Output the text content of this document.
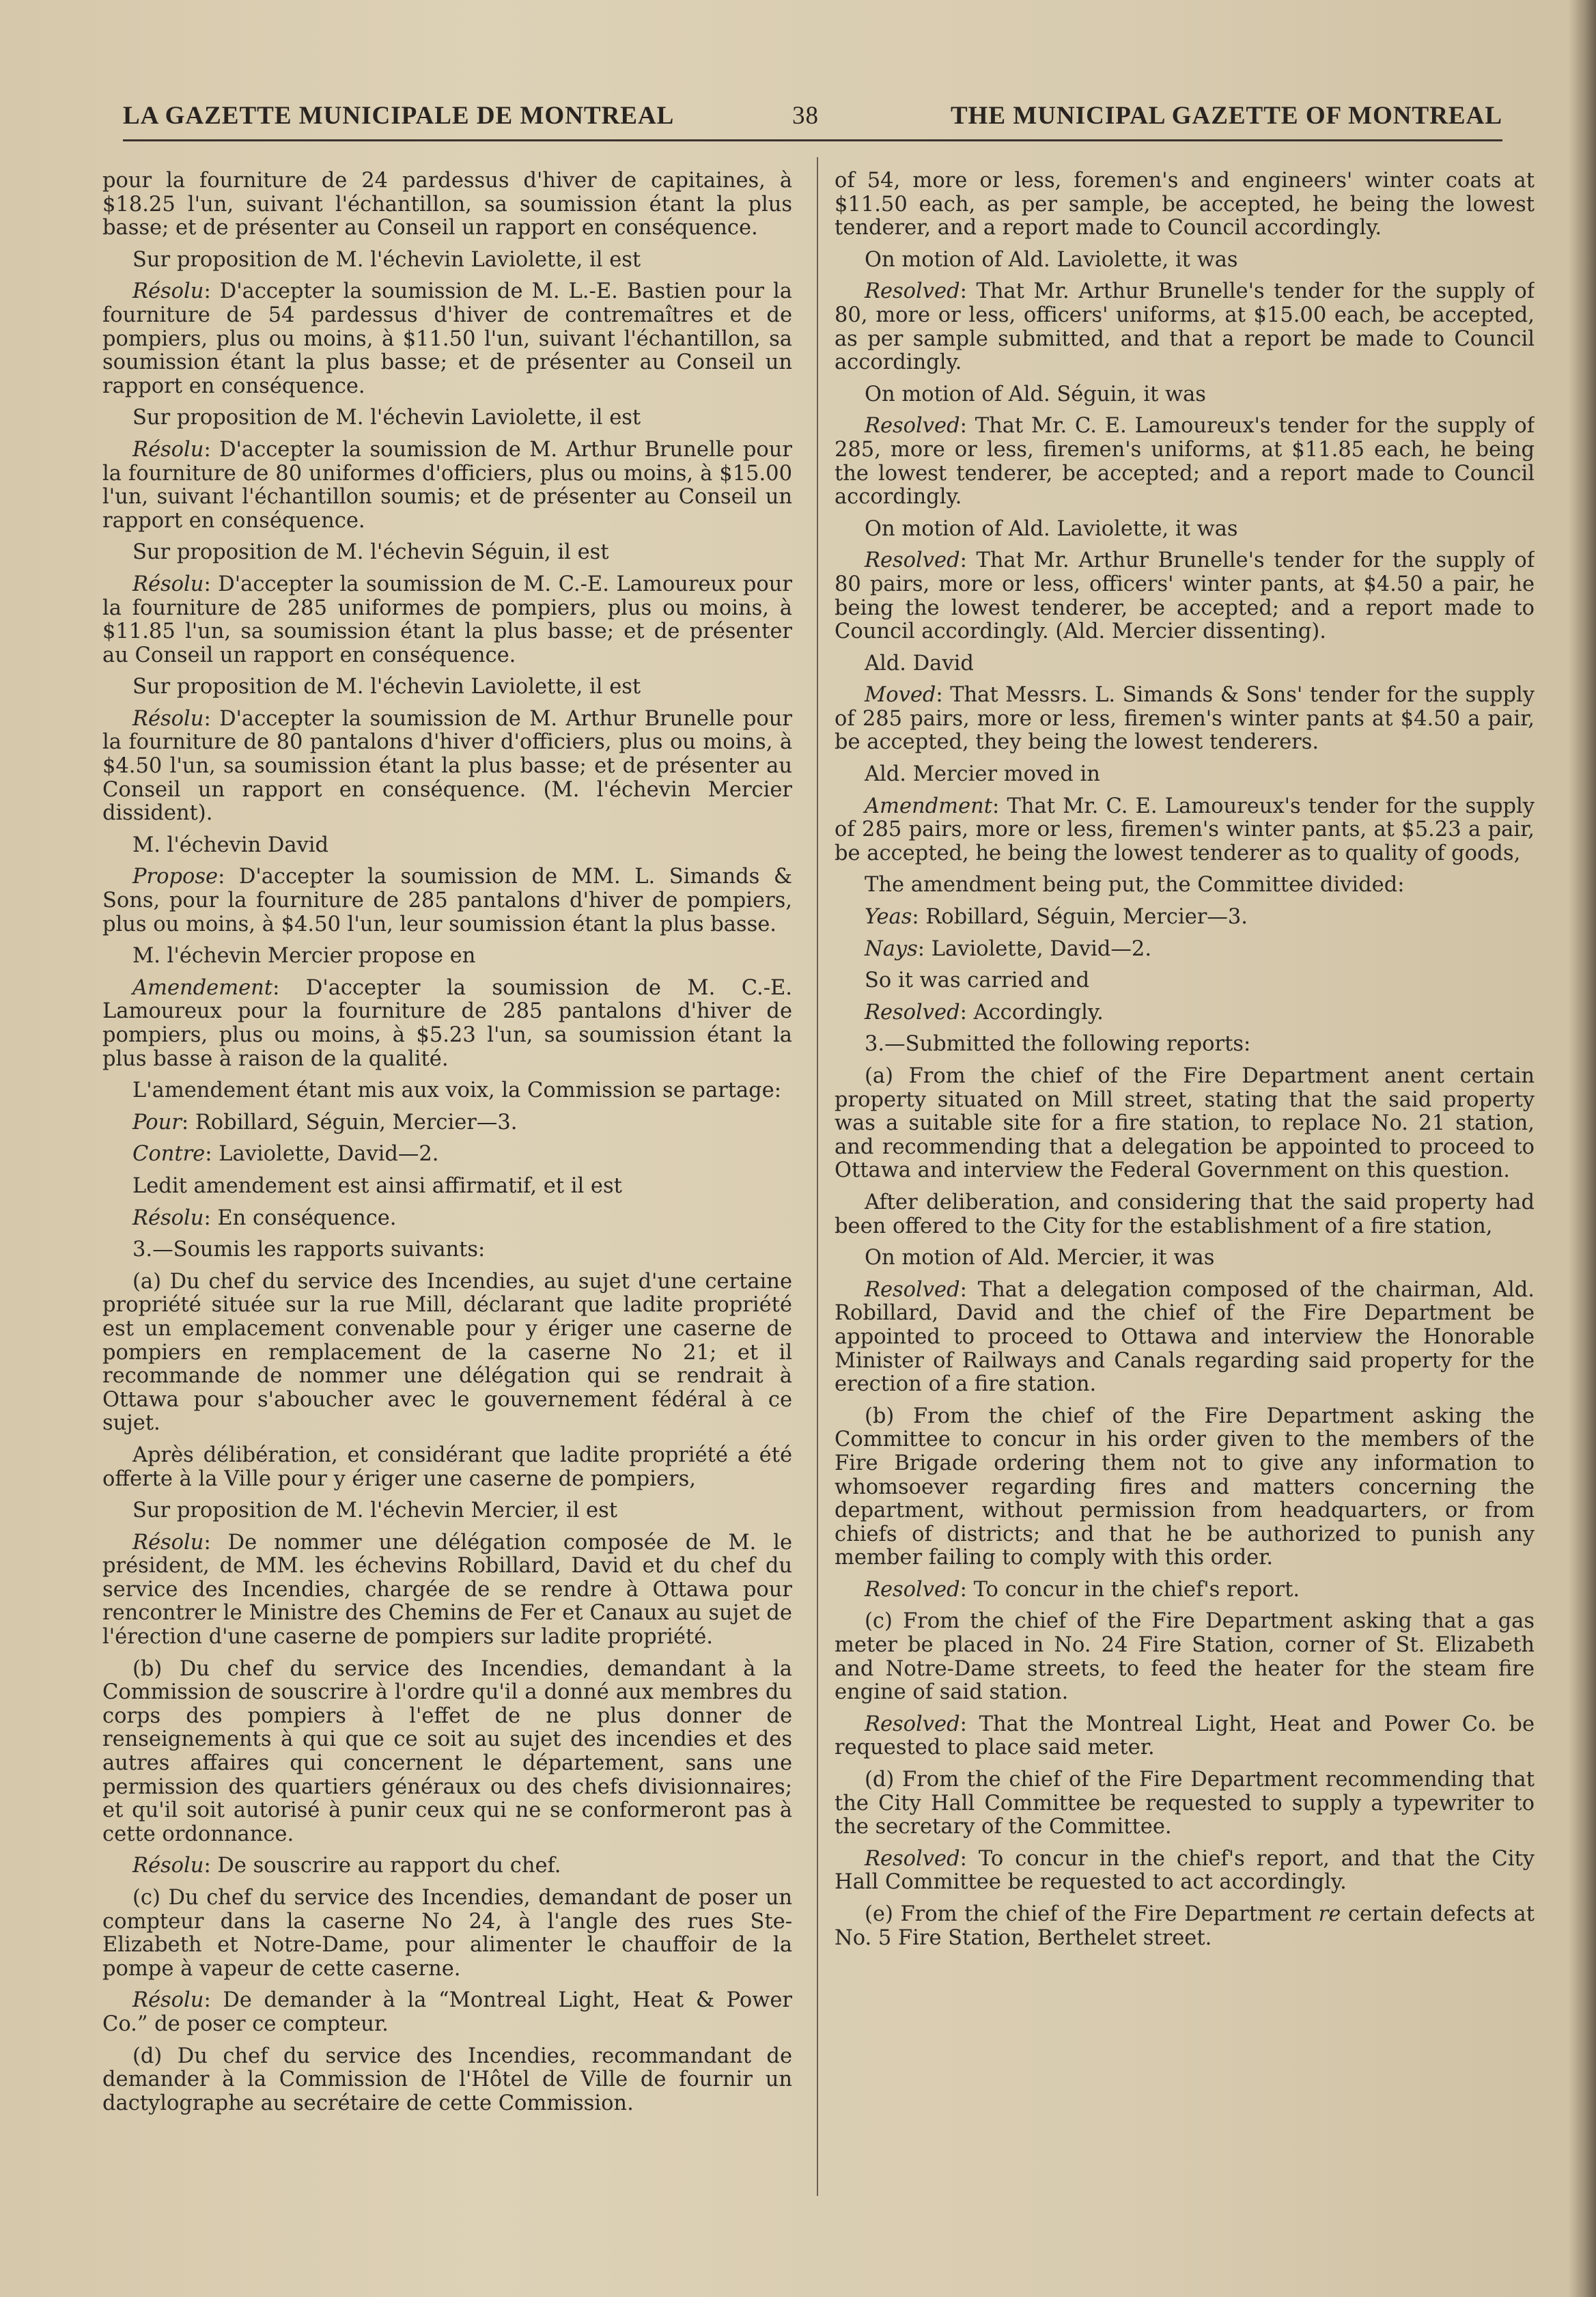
LA GAZETTE MUNICIPALE DE MONTREAL	38	THE MUNICIPAL GAZETTE OF MONTREAL

pour la fourniture de 24 pardessus d'hiver de capitaines, à $18.25 l'un, suivant l'échantillon, sa soumission étant la plus basse; et de présenter au Conseil un rapport en conséquence.

Sur proposition de M. l'échevin Laviolette, il est

Résolu: D'accepter la soumission de M. L.-E. Bastien pour la fourniture de 54 pardessus d'hiver de contremaîtres et de pompiers, plus ou moins, à $11.50 l'un, suivant l'échantillon, sa soumission étant la plus basse; et de présenter au Conseil un rapport en conséquence.

Sur proposition de M. l'échevin Laviolette, il est

Résolu: D'accepter la soumission de M. Arthur Brunelle pour la fourniture de 80 uniformes d'officiers, plus ou moins, à $15.00 l'un, suivant l'échantillon soumis; et de présenter au Conseil un rapport en conséquence.

Sur proposition de M. l'échevin Séguin, il est

Résolu: D'accepter la soumission de M. C.-E. Lamoureux pour la fourniture de 285 uniformes de pompiers, plus ou moins, à $11.85 l'un, sa soumission étant la plus basse; et de présenter au Conseil un rapport en conséquence.

Sur proposition de M. l'échevin Laviolette, il est

Résolu: D'accepter la soumission de M. Arthur Brunelle pour la fourniture de 80 pantalons d'hiver d'officiers, plus ou moins, à $4.50 l'un, sa soumission étant la plus basse; et de présenter au Conseil un rapport en conséquence. (M. l'échevin Mercier dissident).

M. l'échevin David

Propose: D'accepter la soumission de MM. L. Simands & Sons, pour la fourniture de 285 pantalons d'hiver de pompiers, plus ou moins, à $4.50 l'un, leur soumission étant la plus basse.

M. l'échevin Mercier propose en

Amendement: D'accepter la soumission de M. C.-E. Lamoureux pour la fourniture de 285 pantalons d'hiver de pompiers, plus ou moins, à $5.23 l'un, sa soumission étant la plus basse à raison de la qualité.

L'amendement étant mis aux voix, la Commission se partage:

Pour: Robillard, Séguin, Mercier—3.

Contre: Laviolette, David—2.

Ledit amendement est ainsi affirmatif, et il est

Résolu: En conséquence.

3.—Soumis les rapports suivants:

(a) Du chef du service des Incendies, au sujet d'une certaine propriété située sur la rue Mill, déclarant que ladite propriété est un emplacement convenable pour y ériger une caserne de pompiers en remplacement de la caserne No 21; et il recommande de nommer une délégation qui se rendrait à Ottawa pour s'aboucher avec le gouvernement fédéral à ce sujet.

Après délibération, et considérant que ladite propriété a été offerte à la Ville pour y ériger une caserne de pompiers,

Sur proposition de M. l'échevin Mercier, il est

Résolu: De nommer une délégation composée de M. le président, de MM. les échevins Robillard, David et du chef du service des Incendies, chargée de se rendre à Ottawa pour rencontrer le Ministre des Chemins de Fer et Canaux au sujet de l'érection d'une caserne de pompiers sur ladite propriété.

(b) Du chef du service des Incendies, demandant à la Commission de souscrire à l'ordre qu'il a donné aux membres du corps des pompiers à l'effet de ne plus donner de renseignements à qui que ce soit au sujet des incendies et des autres affaires qui concernent le département, sans une permission des quartiers généraux ou des chefs divisionnaires; et qu'il soit autorisé à punir ceux qui ne se conformeront pas à cette ordonnance.

Résolu: De souscrire au rapport du chef.

(c) Du chef du service des Incendies, demandant de poser un compteur dans la caserne No 24, à l'angle des rues Ste-Elizabeth et Notre-Dame, pour alimenter le chauffoir de la pompe à vapeur de cette caserne.

Résolu: De demander à la “Montreal Light, Heat & Power Co.” de poser ce compteur.

(d) Du chef du service des Incendies, recommandant de demander à la Commission de l'Hôtel de Ville de fournir un dactylographe au secrétaire de cette Commission.

of 54, more or less, foremen's and engineers' winter coats at $11.50 each, as per sample, be accepted, he being the lowest tenderer, and a report made to Council accordingly.

On motion of Ald. Laviolette, it was

Resolved: That Mr. Arthur Brunelle's tender for the supply of 80, more or less, officers' uniforms, at $15.00 each, be accepted, as per sample submitted, and that a report be made to Council accordingly.

On motion of Ald. Séguin, it was

Resolved: That Mr. C. E. Lamoureux's tender for the supply of 285, more or less, firemen's uniforms, at $11.85 each, he being the lowest tenderer, be accepted; and a report made to Council accordingly.

On motion of Ald. Laviolette, it was

Resolved: That Mr. Arthur Brunelle's tender for the supply of 80 pairs, more or less, officers' winter pants, at $4.50 a pair, he being the lowest tenderer, be accepted; and a report made to Council accordingly. (Ald. Mercier dissenting).

Ald. David

Moved: That Messrs. L. Simands & Sons' tender for the supply of 285 pairs, more or less, firemen's winter pants at $4.50 a pair, be accepted, they being the lowest tenderers.

Ald. Mercier moved in

Amendment: That Mr. C. E. Lamoureux's tender for the supply of 285 pairs, more or less, firemen's winter pants, at $5.23 a pair, be accepted, he being the lowest tenderer as to quality of goods,

The amendment being put, the Committee divided:

Yeas: Robillard, Séguin, Mercier—3.

Nays: Laviolette, David—2.

So it was carried and

Resolved: Accordingly.

3.—Submitted the following reports:

(a) From the chief of the Fire Department anent certain property situated on Mill street, stating that the said property was a suitable site for a fire station, to replace No. 21 station, and recommending that a delegation be appointed to proceed to Ottawa and interview the Federal Government on this question.

After deliberation, and considering that the said property had been offered to the City for the establishment of a fire station,

On motion of Ald. Mercier, it was

Resolved: That a delegation composed of the chairman, Ald. Robillard, David and the chief of the Fire Department be appointed to proceed to Ottawa and interview the Honorable Minister of Railways and Canals regarding said property for the erection of a fire station.

(b) From the chief of the Fire Department asking the Committee to concur in his order given to the members of the Fire Brigade ordering them not to give any information to whomsoever regarding fires and matters concerning the department, without permission from headquarters, or from chiefs of districts; and that he be authorized to punish any member failing to comply with this order.

Resolved: To concur in the chief's report.

(c) From the chief of the Fire Department asking that a gas meter be placed in No. 24 Fire Station, corner of St. Elizabeth and Notre-Dame streets, to feed the heater for the steam fire engine of said station.

Resolved: That the Montreal Light, Heat and Power Co. be requested to place said meter.

(d) From the chief of the Fire Department recommending that the City Hall Committee be requested to supply a typewriter to the secretary of the Committee.

Resolved: To concur in the chief's report, and that the City Hall Committee be requested to act accordingly.

(e) From the chief of the Fire Department re certain defects at No. 5 Fire Station, Berthelet street.
